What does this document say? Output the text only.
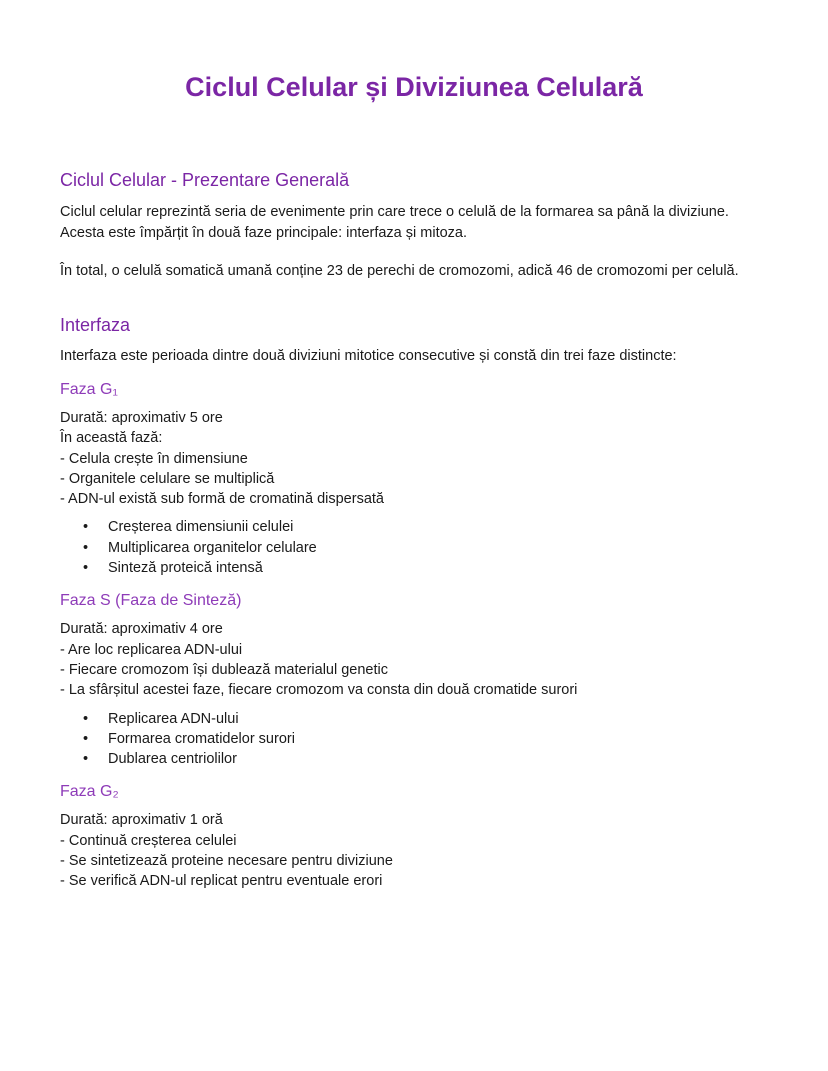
Ciclul Celular și Diviziunea Celulară
Ciclul Celular - Prezentare Generală

Ciclul celular reprezintă seria de evenimente prin care trece o celulă de la formarea sa până la diviziune. Acesta este împărțit în două faze principale: interfaza și mitoza.

În total, o celulă somatică umană conține 23 de perechi de cromozomi, adică 46 de cromozomi per celulă.

Interfaza

Interfaza este perioada dintre două diviziuni mitotice consecutive și constă din trei faze distincte:

Faza G₁
Durată: aproximativ 5 ore
În această fază:
- Celula crește în dimensiune
- Organitele celulare se multiplică
- ADN-ul există sub formă de cromatină dispersată
• Creșterea dimensiunii celulei
• Multiplicarea organitelor celulare
• Sinteză proteică intensă
Faza S (Faza de Sinteză)
Durată: aproximativ 4 ore
- Are loc replicarea ADN-ului
- Fiecare cromozom își dublează materialul genetic
- La sfârșitul acestei faze, fiecare cromozom va consta din două cromatide surori
• Replicarea ADN-ului
• Formarea cromatidelor surori
• Dublarea centriolilor
Faza G₂
Durată: aproximativ 1 oră
- Continuă creșterea celulei
- Se sintetizează proteine necesare pentru diviziune
- Se verifică ADN-ul replicat pentru eventuale erori
